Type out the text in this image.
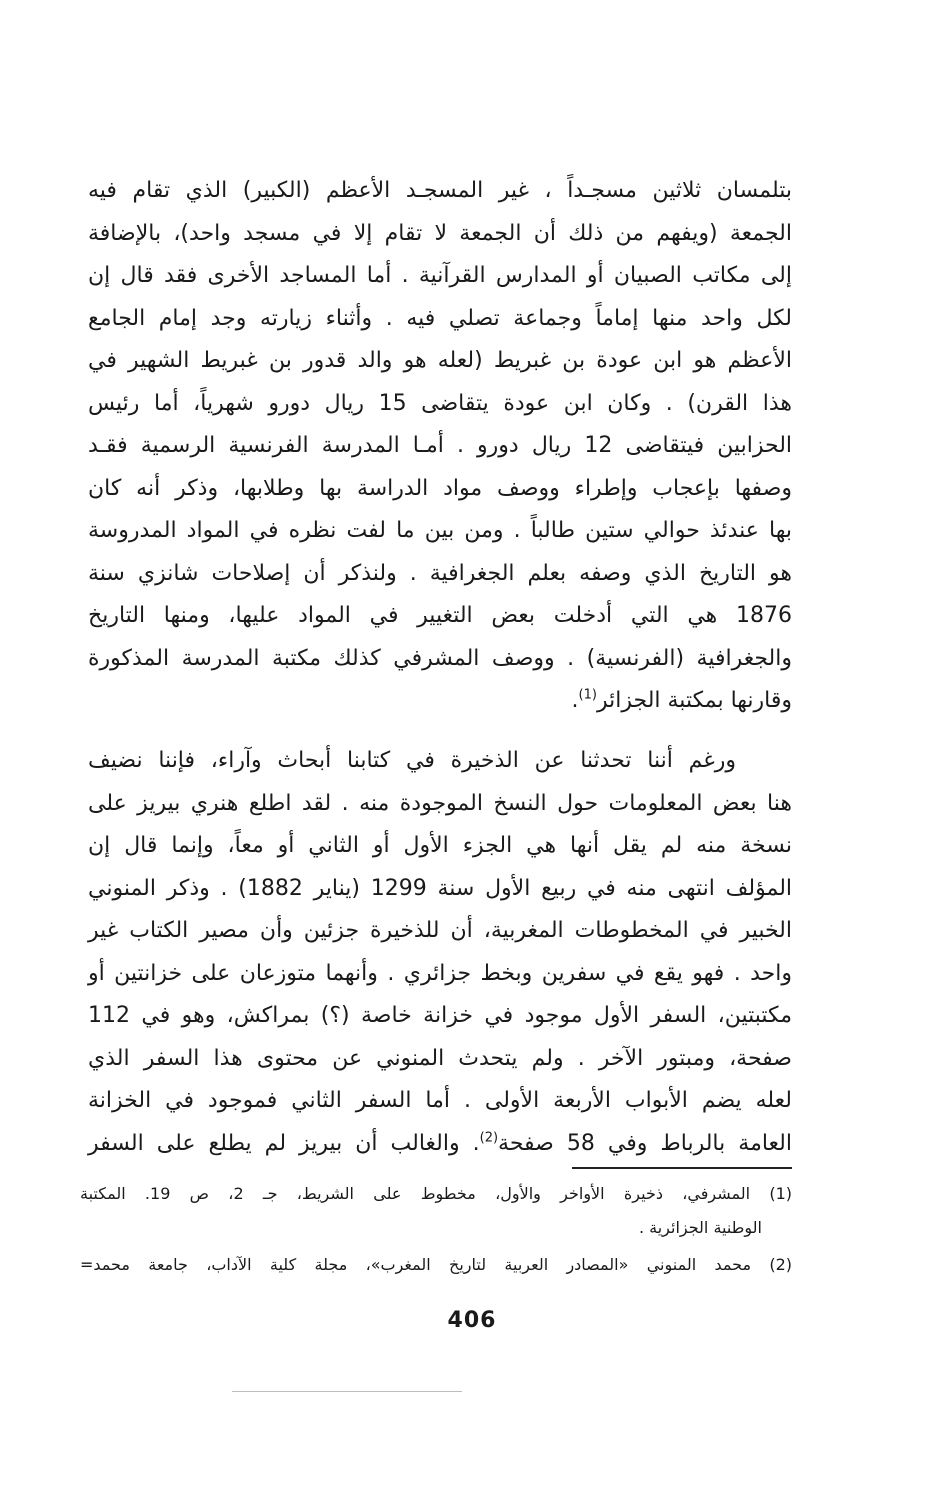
بتلمسان ثلاثين مسجـداً ، غير المسجـد الأعظم (الكبير) الذي تقام فيه
الجمعة (ويفهم من ذلك أن الجمعة لا تقام إلا في مسجد واحد)، بالإضافة
إلى مكاتب الصبيان أو المدارس القرآنية . أما المساجد الأخرى فقد قال إن
لكل واحد منها إماماً وجماعة تصلي فيه . وأثناء زيارته وجد إمام الجامع
الأعظم هو ابن عودة بن غبريط (لعله هو والد قدور بن غبريط الشهير في
هذا القرن) . وكان ابن عودة يتقاضى 15 ريال دورو شهرياً، أما رئيس
الحزابين فيتقاضى 12 ريال دورو . أمـا المدرسة الفرنسية الرسمية فقـد
وصفها بإعجاب وإطراء ووصف مواد الدراسة بها وطلابها، وذكر أنه كان
بها عندئذ حوالي ستين طالباً . ومن بين ما لفت نظره في المواد المدروسة
هو التاريخ الذي وصفه بعلم الجغرافية . ولنذكر أن إصلاحات شانزي سنة
1876 هي التي أدخلت بعض التغيير في المواد عليها، ومنها التاريخ
والجغرافية (الفرنسية) . ووصف المشرفي كذلك مكتبة المدرسة المذكورة
وقارنها بمكتبة الجزائر$^{(1)}$.
ورغم أننا تحدثنا عن الذخيرة في كتابنا أبحاث وآراء، فإننا نضيف
هنا بعض المعلومات حول النسخ الموجودة منه . لقد اطلع هنري بيريز على
نسخة منه لم يقل أنها هي الجزء الأول أو الثاني أو معاً، وإنما قال إن
المؤلف انتهى منه في ربيع الأول سنة 1299 (يناير 1882) . وذكر المنوني
الخبير في المخطوطات المغربية، أن للذخيرة جزئين وأن مصير الكتاب غير
واحد . فهو يقع في سفرين وبخط جزائري . وأنهما متوزعان على خزانتين أو
مكتبتين، السفر الأول موجود في خزانة خاصة (؟) بمراكش، وهو في 112
صفحة، ومبتور الآخر . ولم يتحدث المنوني عن محتوى هذا السفر الذي
لعله يضم الأبواب الأربعة الأولى . أما السفر الثاني فموجود في الخزانة
العامة بالرباط وفي 58 صفحة$^{(2)}$. والغالب أن بيريز لم يطلع على السفر
(1) المشرفي، ذخيرة الأواخر والأول، مخطوط على الشريط، جـ 2، ص 19. المكتبة
الوطنية الجزائرية .
(2) محمد المنوني «المصادر العربية لتاريخ المغرب»، مجلة كلية الآداب، جامعة محمد=
406
